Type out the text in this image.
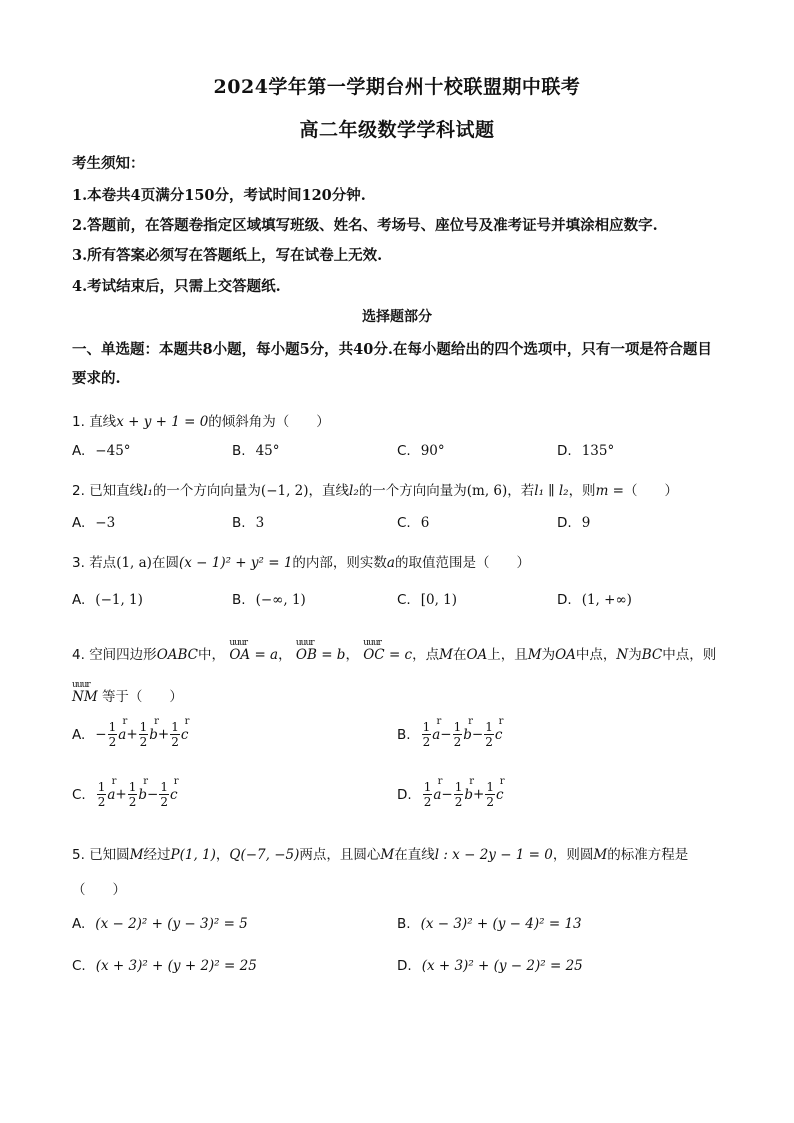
2024学年第一学期台州十校联盟期中联考
高二年级数学学科试题
考生须知：
1.本卷共4页满分150分，考试时间120分钟.
2.答题前，在答题卷指定区域填写班级、姓名、考场号、座位号及准考证号并填涂相应数字.
3.所有答案必须写在答题纸上，写在试卷上无效.
4.考试结束后，只需上交答题纸.
选择题部分
一、单选题：本题共8小题，每小题5分，共40分.在每小题给出的四个选项中，只有一项是符合题目要求的.
1. 直线x + y + 1 = 0的倾斜角为（　　）
A. −45°	B. 45°	C. 90°	D. 135°
2. 已知直线l₁的一个方向向量为(−1, 2)，直线l₂的一个方向向量为(m, 6)，若l₁ ∥ l₂，则m =（　　）
A. −3	B. 3	C. 6	D. 9
3. 若点(1, a)在圆(x − 1)² + y² = 1的内部，则实数a的取值范围是（　　）
A. (−1, 1)	B. (−∞, 1)	C. [0, 1)	D. (1, +∞)
4. 空间四边形OABC中， uuur OA = a， uuur OB = b， uuur OC = c，点M在OA上，且M为OA中点，N为BC中点，则 uuur NM 等于（　　）
A. − $\frac{1}{2}$ r $a+ \frac{1}{2}$ r $b+ \frac{1}{2}$ r c	B. $\frac{1}{2}$ r $a- \frac{1}{2}$ r $b- \frac{1}{2}$ r c
C. $\frac{1}{2}$ r $a+ \frac{1}{2}$ r $b- \frac{1}{2}$ r c	D. $\frac{1}{2}$ r $a- \frac{1}{2}$ r $b+ \frac{1}{2}$ r c
5. 已知圆M经过P(1, 1)，Q(−7, −5)两点，且圆心M在直线l : x − 2y − 1 = 0，则圆M的标准方程是
（　　）
A. (x − 2)² + (y − 3)² = 5	B. (x − 3)² + (y − 4)² = 13
C. (x + 3)² + (y + 2)² = 25	D. (x + 3)² + (y − 2)² = 25
